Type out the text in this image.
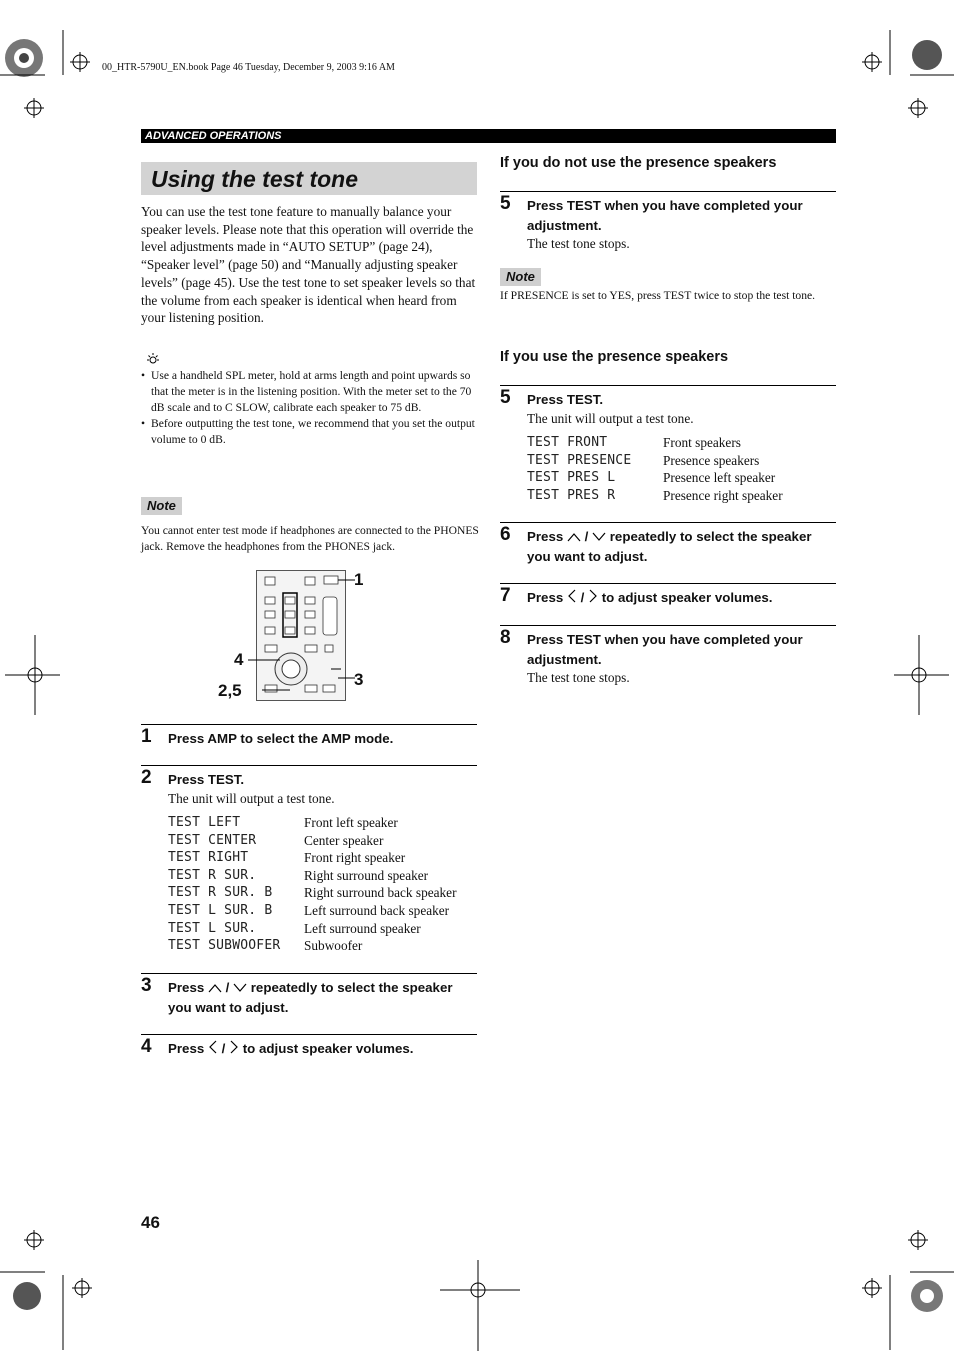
00_HTR-5790U_EN.book Page 46 Tuesday, December 9, 2003 9:16 AM
ADVANCED OPERATIONS
Using the test tone
You can use the test tone feature to manually balance your speaker levels. Please note that this operation will override the level adjustments made in “AUTO SETUP” (page 24), “Speaker level” (page 50) and “Manually adjusting speaker levels” (page 45). Use the test tone to set speaker levels so that the volume from each speaker is identical when heard from your listening position.
• Use a handheld SPL meter, hold at arms length and point upwards so that the meter is in the listening position. With the meter set to the 70 dB scale and to C SLOW, calibrate each speaker to 75 dB.
• Before outputting the test tone, we recommend that you set the output volume to 0 dB.
Note
You cannot enter test mode if headphones are connected to the PHONES jack. Remove the headphones from the PHONES jack.
1
4
3
2,5
1 Press AMP to select the AMP mode.
2 Press TEST.
The unit will output a test tone.
TEST LEFT	Front left speaker
TEST CENTER	Center speaker
TEST RIGHT	Front right speaker
TEST R SUR.	Right surround speaker
TEST R SUR. B	Right surround back speaker
TEST L SUR. B	Left surround back speaker
TEST L SUR.	Left surround speaker
TEST SUBWOOFER	Subwoofer
3 Press / repeatedly to select the speaker you want to adjust.
4 Press / to adjust speaker volumes.
If you do not use the presence speakers
5 Press TEST when you have completed your adjustment.
The test tone stops.
Note
If PRESENCE is set to YES, press TEST twice to stop the test tone.
If you use the presence speakers
5 Press TEST.
The unit will output a test tone.
TEST FRONT	Front speakers
TEST PRESENCE	Presence speakers
TEST PRES L	Presence left speaker
TEST PRES R	Presence right speaker
6 Press / repeatedly to select the speaker you want to adjust.
7 Press / to adjust speaker volumes.
8 Press TEST when you have completed your adjustment.
The test tone stops.
46
